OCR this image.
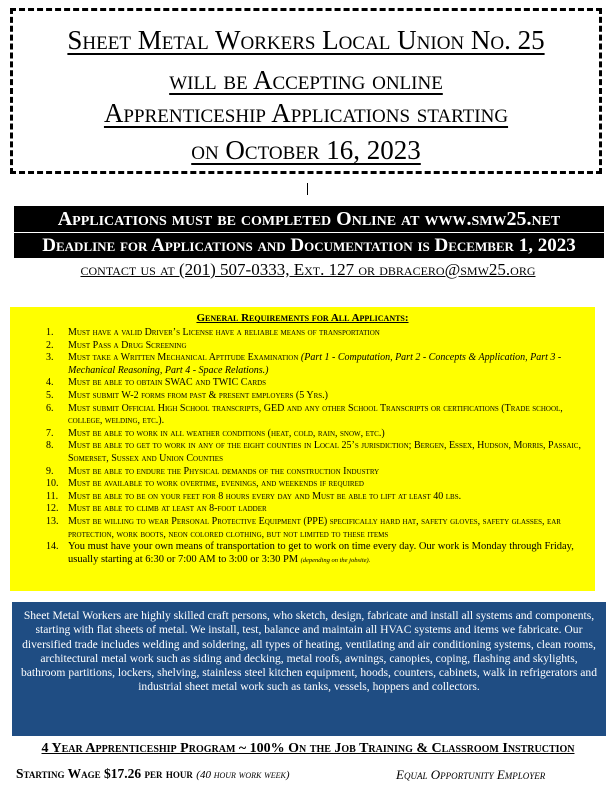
Sheet Metal Workers Local Union No. 25
will be Accepting online
Apprenticeship Applications starting
on October 16, 2023
Applications must be completed Online at www.smw25.net
Deadline for Applications and Documentation is December 1, 2023
contact us at (201) 507-0333, Ext. 127 or dbracero@smw25.org
General Requirements for All Applicants:
1. Must have a valid Driver’s License have a reliable means of transportation
2. Must Pass a Drug Screening
3. Must take a Written Mechanical Aptitude Examination (Part 1 - Computation, Part 2 - Concepts & Application, Part 3 - Mechanical Reasoning, Part 4 - Space Relations.)
4. Must be able to obtain SWAC and TWIC Cards
5. Must submit W-2 forms from past & present employers (5 Yrs.)
6. Must submit Official High School transcripts, GED and any other School Transcripts or certifications (Trade school, college, welding, etc.).
7. Must be able to work in all weather conditions (heat, cold, rain, snow, etc.)
8. Must be able to get to work in any of the eight counties in Local 25’s jurisdiction; Bergen, Essex, Hudson, Morris, Passaic, Somerset, Sussex and Union Counties
9. Must be able to endure the Physical demands of the construction Industry
10. Must be available to work overtime, evenings, and weekends if required
11. Must be able to be on your feet for 8 hours every day and Must be able to lift at least 40 lbs.
12. Must be able to climb at least an 8-foot ladder
13. Must be willing to wear Personal Protective Equipment (PPE) specifically hard hat, safety gloves, safety glasses, ear protection, work boots, neon colored clothing, but not limited to these items
14. You must have your own means of transportation to get to work on time every day. Our work is Monday through Friday, usually starting at 6:30 or 7:00 AM to 3:00 or 3:30 PM (depending on the jobsite).
Sheet Metal Workers are highly skilled craft persons, who sketch, design, fabricate and install all systems and components, starting with flat sheets of metal. We install, test, balance and maintain all HVAC systems and items we fabricate. Our diversified trade includes welding and soldering, all types of heating, ventilating and air conditioning systems, clean rooms, architectural metal work such as siding and decking, metal roofs, awnings, canopies, coping, flashing and skylights, bathroom partitions, lockers, shelving, stainless steel kitchen equipment, hoods, counters, cabinets, walk in refrigerators and industrial sheet metal work such as tanks, vessels, hoppers and collectors.
4 Year Apprenticeship Program ~ 100% On the Job Training & Classroom Instruction
Starting Wage $17.26 per hour (40 hour work week)	Equal Opportunity Employer
